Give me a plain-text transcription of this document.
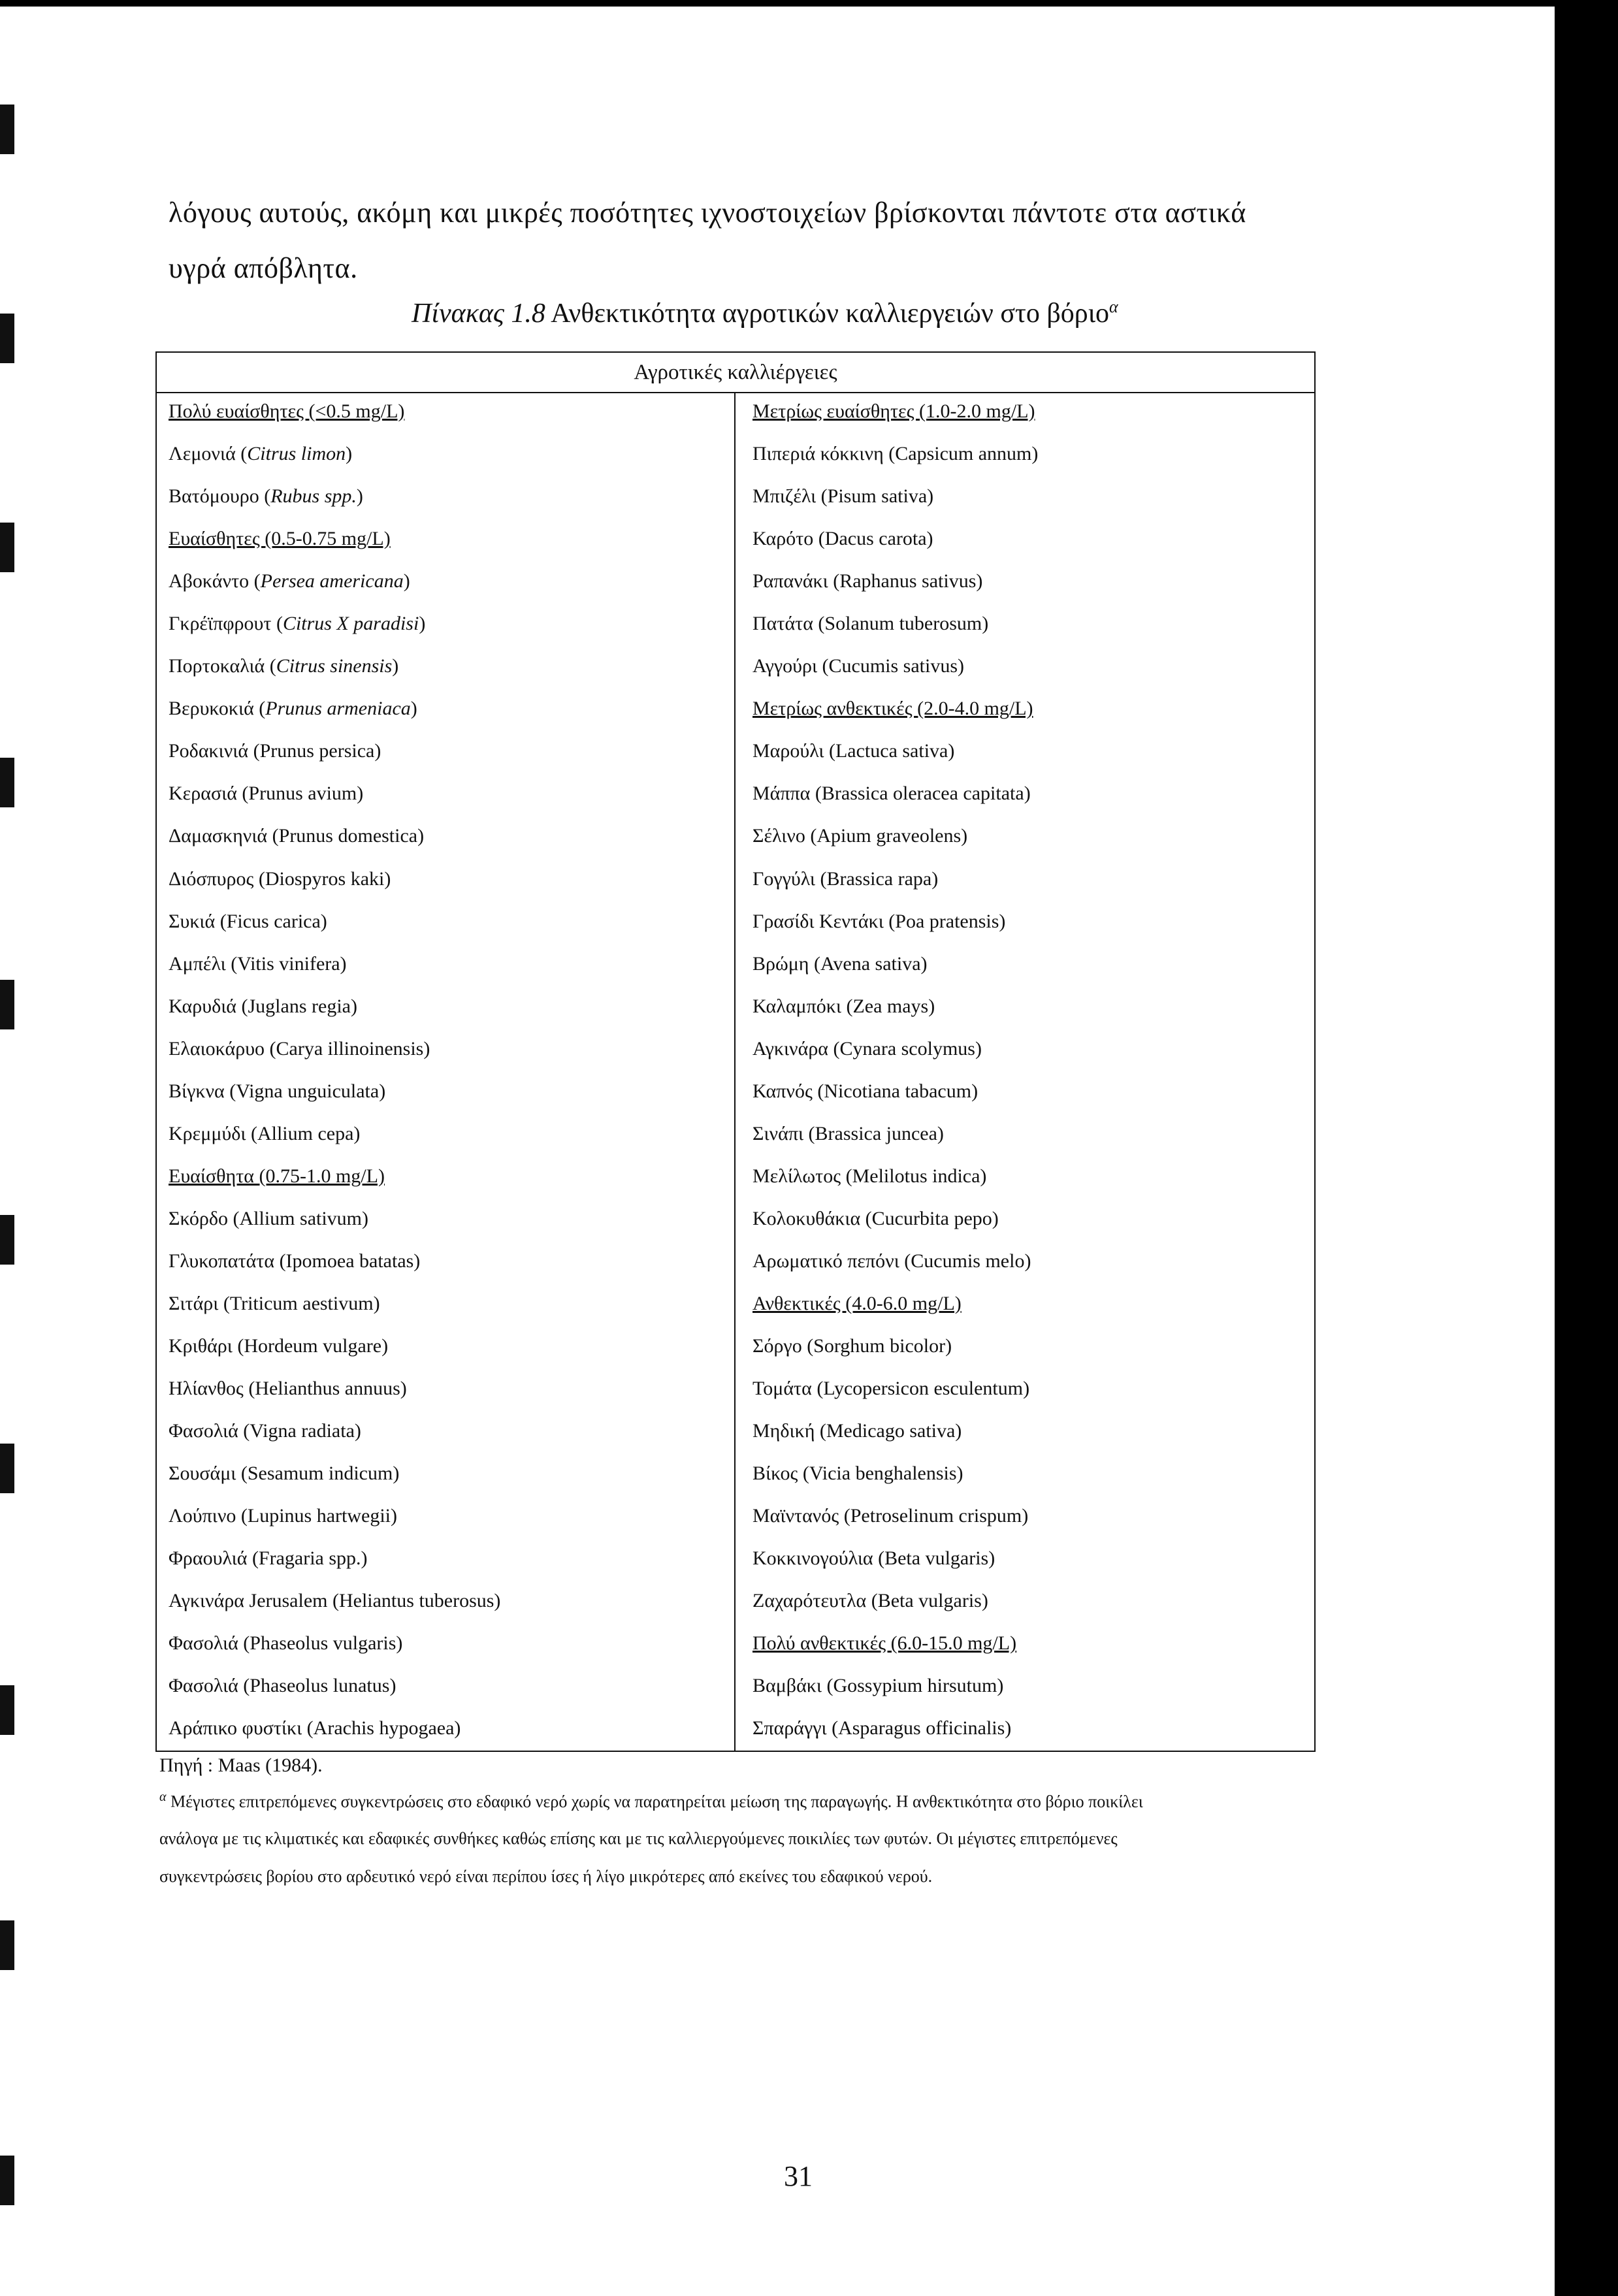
λόγους αυτούς, ακόμη και μικρές ποσότητες ιχνοστοιχείων βρίσκονται πάντοτε στα αστικά
υγρά απόβλητα.
Πίνακας 1.8 Ανθεκτικότητα αγροτικών καλλιεργειών στο βόριο$^\alpha$
Αγροτικές καλλιέργειες
Πολύ ευαίσθητες (<0.5 mg/L)
Λεμονιά (Citrus limon)
Βατόμουρο (Rubus spp.)
Ευαίσθητες (0.5-0.75 mg/L)
Αβοκάντο (Persea americana)
Γκρέϊπφρουτ (Citrus X paradisi)
Πορτοκαλιά (Citrus sinensis)
Βερυκοκιά (Prunus armeniaca)
Ροδακινιά (Prunus persica)
Κερασιά (Prunus avium)
Δαμασκηνιά (Prunus domestica)
Διόσπυρος (Diospyros kaki)
Συκιά (Ficus carica)
Αμπέλι (Vitis vinifera)
Καρυδιά (Juglans regia)
Ελαιοκάρυο (Carya illinoinensis)
Βίγκνα (Vigna unguiculata)
Κρεμμύδι (Allium cepa)
Ευαίσθητα (0.75-1.0 mg/L)
Σκόρδο (Allium sativum)
Γλυκοπατάτα (Ipomoea batatas)
Σιτάρι (Triticum aestivum)
Κριθάρι (Hordeum vulgare)
Ηλίανθος (Helianthus annuus)
Φασολιά (Vigna radiata)
Σουσάμι (Sesamum indicum)
Λούπινο (Lupinus hartwegii)
Φραουλιά (Fragaria spp.)
Αγκινάρα Jerusalem (Heliantus tuberosus)
Φασολιά (Phaseolus vulgaris)
Φασολιά (Phaseolus lunatus)
Αράπικο φυστίκι (Arachis hypogaea)
Μετρίως ευαίσθητες (1.0-2.0 mg/L)
Πιπεριά κόκκινη (Capsicum annum)
Μπιζέλι (Pisum sativa)
Καρότο (Dacus carota)
Ραπανάκι (Raphanus sativus)
Πατάτα (Solanum tuberosum)
Αγγούρι (Cucumis sativus)
Μετρίως ανθεκτικές (2.0-4.0 mg/L)
Μαρούλι (Lactuca sativa)
Μάππα (Brassica oleracea capitata)
Σέλινο (Apium graveolens)
Γογγύλι (Brassica rapa)
Γρασίδι Κεντάκι (Poa pratensis)
Βρώμη (Avena sativa)
Καλαμπόκι (Zea mays)
Αγκινάρα (Cynara scolymus)
Καπνός (Nicotiana tabacum)
Σινάπι (Brassica juncea)
Μελίλωτος (Melilotus indica)
Κολοκυθάκια (Cucurbita pepo)
Αρωματικό πεπόνι (Cucumis melo)
Ανθεκτικές (4.0-6.0 mg/L)
Σόργο (Sorghum bicolor)
Τομάτα (Lycopersicon esculentum)
Μηδική (Medicago sativa)
Βίκος (Vicia benghalensis)
Μαϊντανός (Petroselinum crispum)
Κοκκινογούλια (Beta vulgaris)
Ζαχαρότευτλα (Beta vulgaris)
Πολύ ανθεκτικές (6.0-15.0 mg/L)
Βαμβάκι (Gossypium hirsutum)
Σπαράγγι (Asparagus officinalis)
Πηγή : Maas (1984).
$^\alpha$ Μέγιστες επιτρεπόμενες συγκεντρώσεις στο εδαφικό νερό χωρίς να παρατηρείται μείωση της παραγωγής. Η ανθεκτικότητα στο βόριο ποικίλει
ανάλογα με τις κλιματικές και εδαφικές συνθήκες καθώς επίσης και με τις καλλιεργούμενες ποικιλίες των φυτών. Οι μέγιστες επιτρεπόμενες
συγκεντρώσεις βορίου στο αρδευτικό νερό είναι περίπου ίσες ή λίγο μικρότερες από εκείνες του εδαφικού νερού.
31
